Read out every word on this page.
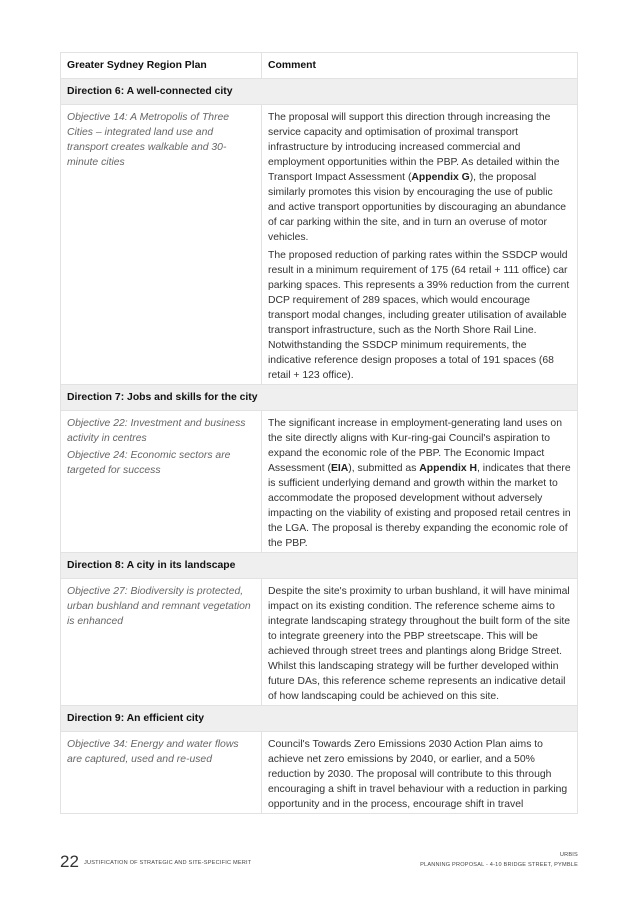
Greater Sydney Region Plan	Comment
Direction 6: A well-connected city	

Objective 14: A Metropolis of Three Cities – integrated land use and transport creates walkable and 30-minute cities	The proposal will support this direction through increasing the service capacity and optimisation of proximal transport infrastructure by introducing increased commercial and employment opportunities within the PBP. As detailed within the Transport Impact Assessment (Appendix G), the proposal similarly promotes this vision by encouraging the use of public and active transport opportunities by discouraging an abundance of car parking within the site, and in turn an overuse of motor vehicles.

The proposed reduction of parking rates within the SSDCP would result in a minimum requirement of 175 (64 retail + 111 office) car parking spaces. This represents a 39% reduction from the current DCP requirement of 289 spaces, which would encourage transport modal changes, including greater utilisation of available transport infrastructure, such as the North Shore Rail Line. Notwithstanding the SSDCP minimum requirements, the indicative reference design proposes a total of 191 spaces (68 retail + 123 office).

Direction 7: Jobs and skills for the city	

Objective 22: Investment and business activity in centres
Objective 24: Economic sectors are targeted for success	The significant increase in employment-generating land uses on the site directly aligns with Kur-ring-gai Council's aspiration to expand the economic role of the PBP. The Economic Impact Assessment (EIA), submitted as Appendix H, indicates that there is sufficient underlying demand and growth within the market to accommodate the proposed development without adversely impacting on the viability of existing and proposed retail centres in the LGA. The proposal is thereby expanding the economic role of the PBP.

Direction 8: A city in its landscape	

Objective 27: Biodiversity is protected, urban bushland and remnant vegetation is enhanced	Despite the site's proximity to urban bushland, it will have minimal impact on its existing condition. The reference scheme aims to integrate landscaping strategy throughout the built form of the site to integrate greenery into the PBP streetscape. This will be achieved through street trees and plantings along Bridge Street. Whilst this landscaping strategy will be further developed within future DAs, this reference scheme represents an indicative detail of how landscaping could be achieved on this site.

Direction 9: An efficient city	

Objective 34: Energy and water flows are captured, used and re-used	Council's Towards Zero Emissions 2030 Action Plan aims to achieve net zero emissions by 2040, or earlier, and a 50% reduction by 2030. The proposal will contribute to this through encouraging a shift in travel behaviour with a reduction in parking opportunity and in the process, encourage shift in travel

22 JUSTIFICATION OF STRATEGIC AND SITE-SPECIFIC MERIT
URBIS
PLANNING PROPOSAL - 4-10 BRIDGE STREET, PYMBLE
